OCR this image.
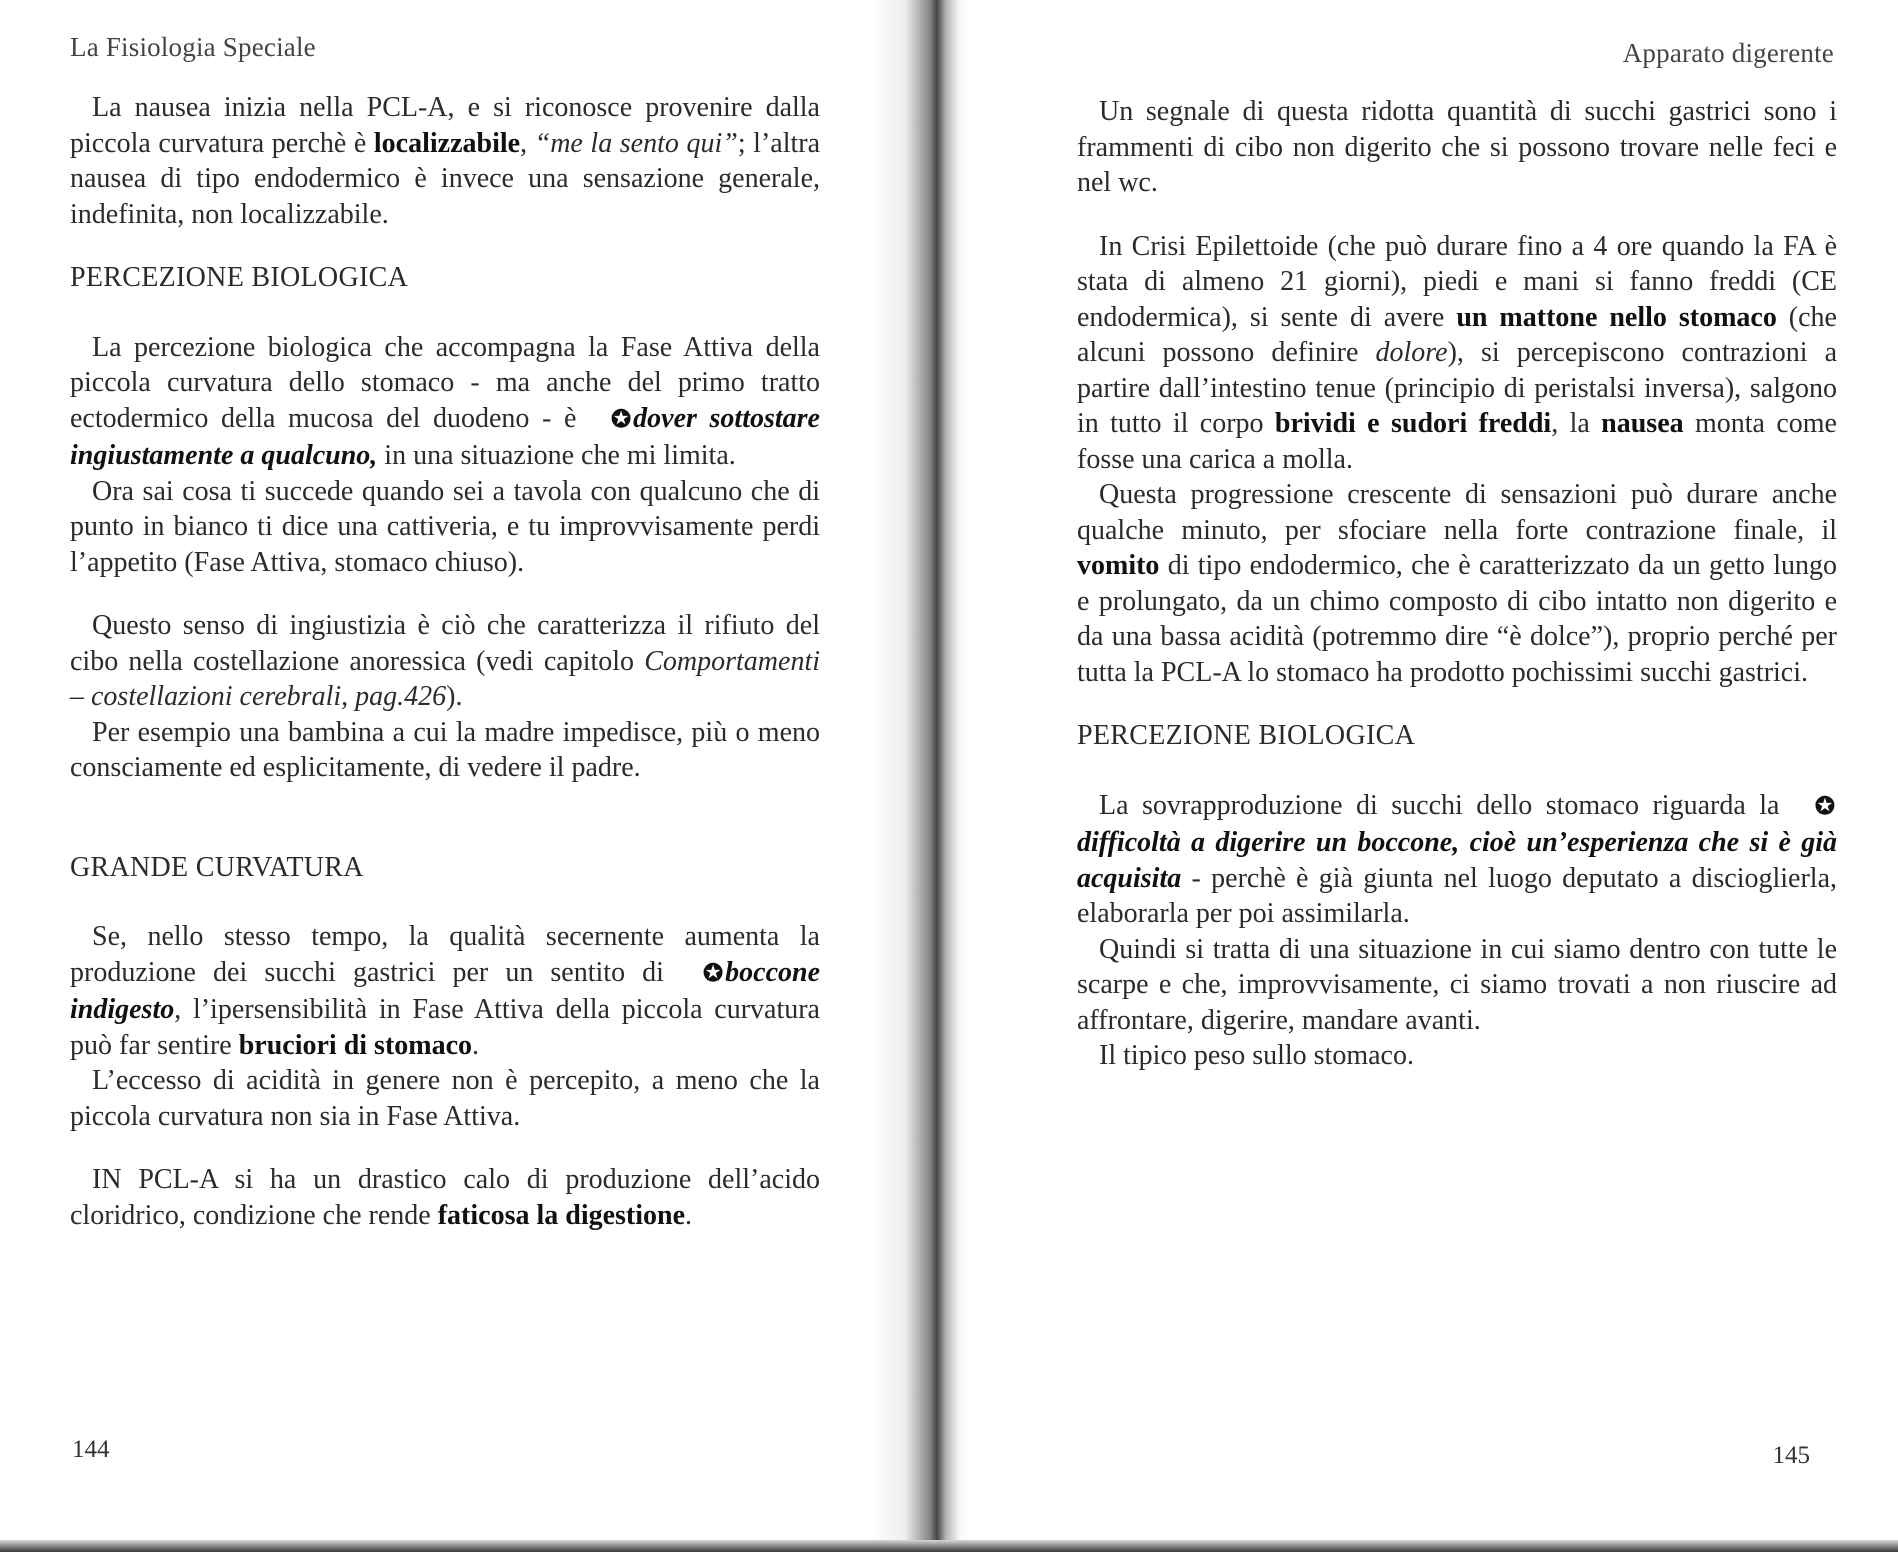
La Fisiologia Speciale

La nausea inizia nella PCL-A, e si riconosce provenire dalla piccola curvatura perchè è localizzabile, “me la sento qui”; l’altra nausea di tipo endodermico è invece una sensazione generale, indefinita, non localizzabile.

PERCEZIONE BIOLOGICA

La percezione biologica che accompagna la Fase Attiva della piccola curvatura dello stomaco - ma anche del primo tratto ectodermico della mucosa del duodeno - è ✪dover sottostare ingiustamente a qualcuno, in una situazione che mi limita.

Ora sai cosa ti succede quando sei a tavola con qualcuno che di punto in bianco ti dice una cattiveria, e tu improvvisamente perdi l’appetito (Fase Attiva, stomaco chiuso).

Questo senso di ingiustizia è ciò che caratterizza il rifiuto del cibo nella costellazione anoressica (vedi capitolo Comportamenti – costellazioni cerebrali, pag.426).

Per esempio una bambina a cui la madre impedisce, più o meno consciamente ed esplicitamente, di vedere il padre.

GRANDE CURVATURA

Se, nello stesso tempo, la qualità secernente aumenta la produzione dei succhi gastrici per un sentito di ✪boccone indigesto, l’ipersensibilità in Fase Attiva della piccola curvatura può far sentire bruciori di stomaco.

L’eccesso di acidità in genere non è percepito, a meno che la piccola curvatura non sia in Fase Attiva.

IN PCL-A si ha un drastico calo di produzione dell’acido cloridrico, condizione che rende faticosa la digestione.

144
Apparato digerente
145

Un segnale di questa ridotta quantità di succhi gastrici sono i frammenti di cibo non digerito che si possono trovare nelle feci e nel wc.

In Crisi Epilettoide (che può durare fino a 4 ore quando la FA è stata di almeno 21 giorni), piedi e mani si fanno freddi (CE endodermica), si sente di avere un mattone nello stomaco (che alcuni possono definire dolore), si percepiscono contrazioni a partire dall’intestino tenue (principio di peristalsi inversa), salgono in tutto il corpo brividi e sudori freddi, la nausea monta come fosse una carica a molla.

Questa progressione crescente di sensazioni può durare anche qualche minuto, per sfociare nella forte contrazione finale, il vomito di tipo endodermico, che è caratterizzato da un getto lungo e prolungato, da un chimo composto di cibo intatto non digerito e da una bassa acidità (potremmo dire “è dolce”), proprio perché per tutta la PCL-A lo stomaco ha prodotto pochissimi succhi gastrici.

PERCEZIONE BIOLOGICA

La sovrapproduzione di succhi dello stomaco riguarda la ✪difficoltà a digerire un boccone, cioè un’esperienza che si è già acquisita - perchè è già giunta nel luogo deputato a discioglierla, elaborarla per poi assimilarla.

Quindi si tratta di una situazione in cui siamo dentro con tutte le scarpe e che, improvvisamente, ci siamo trovati a non riuscire ad affrontare, digerire, mandare avanti.

Il tipico peso sullo stomaco.
